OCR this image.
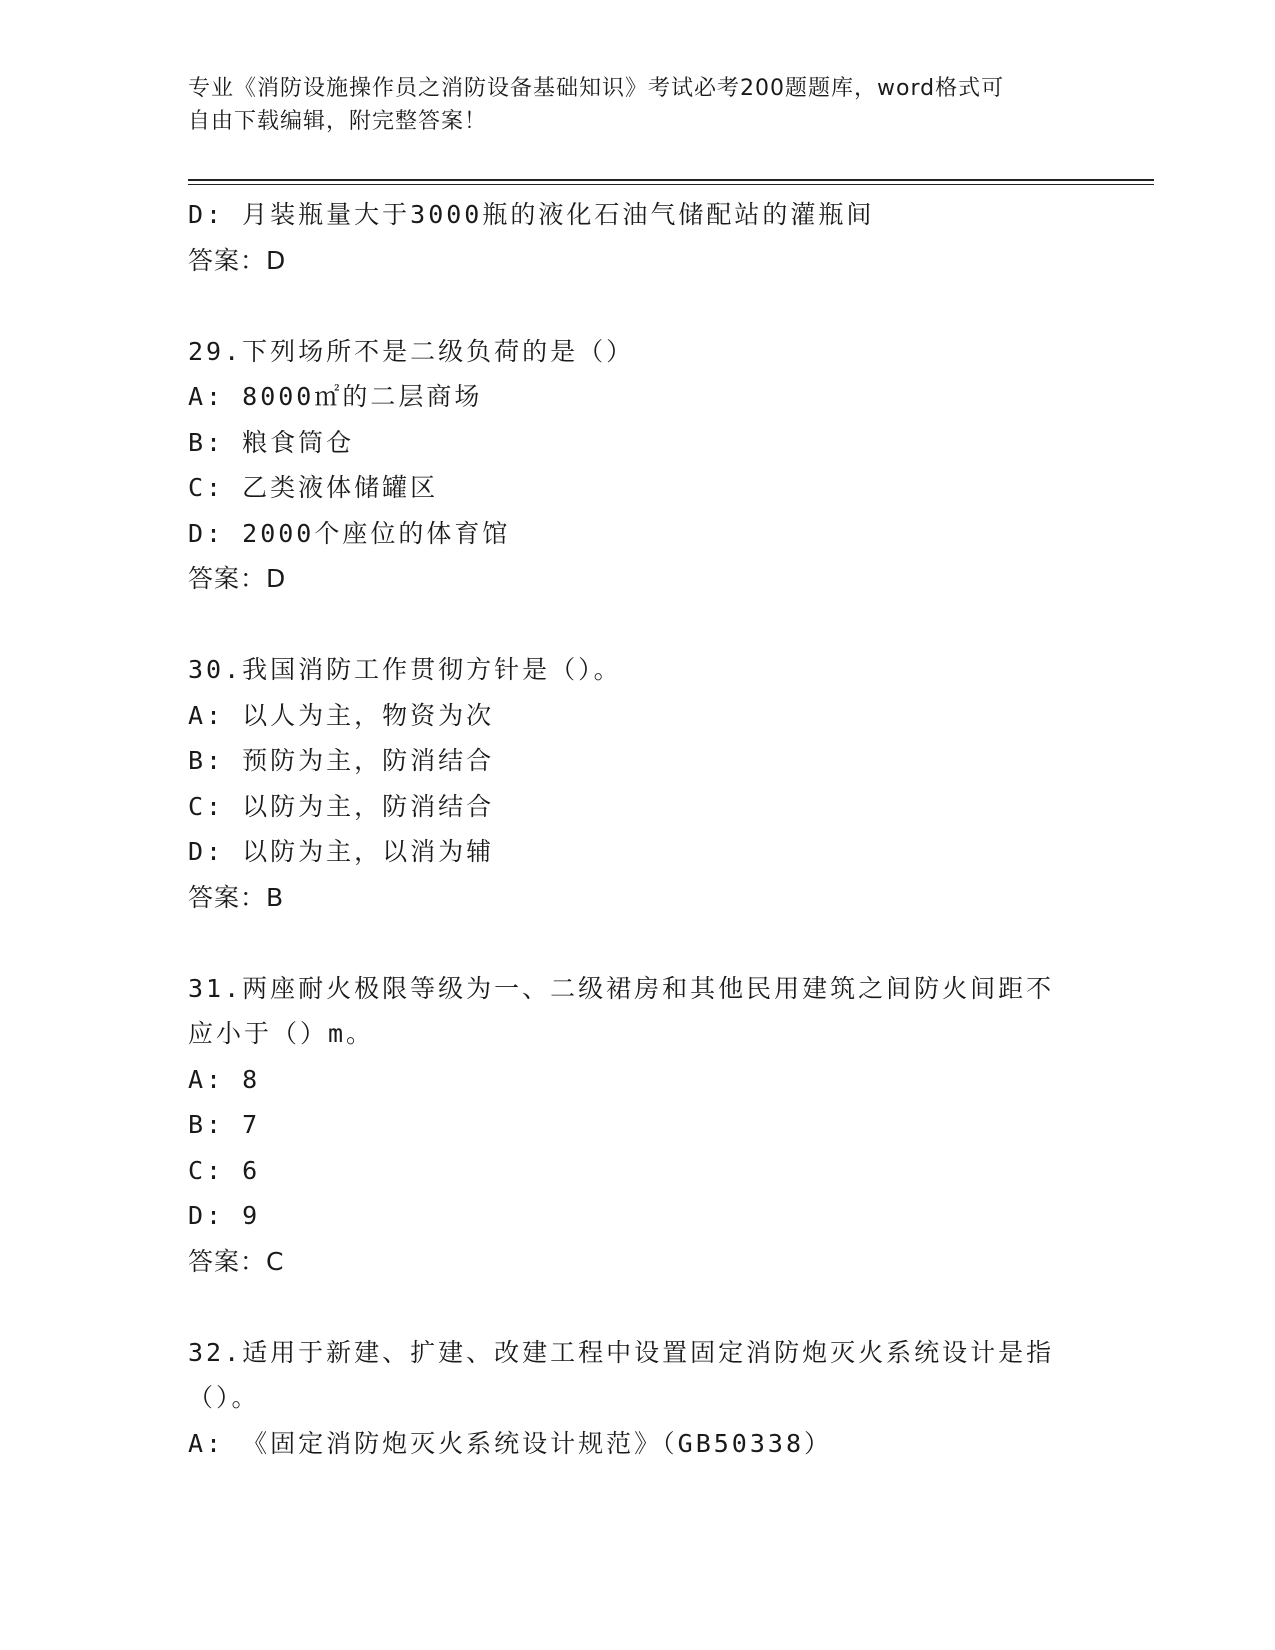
专业《消防设施操作员之消防设备基础知识》考试必考200题题库，word格式可
自由下载编辑，附完整答案！
D: 月装瓶量大于3000瓶的液化石油气储配站的灌瓶间
答案：D
29.下列场所不是二级负荷的是（）
A: 8000㎡的二层商场
B: 粮食筒仓
C: 乙类液体储罐区
D: 2000个座位的体育馆
答案：D
30.我国消防工作贯彻方针是（）。
A: 以人为主，物资为次
B: 预防为主，防消结合
C: 以防为主，防消结合
D: 以防为主，以消为辅
答案：B
31.两座耐火极限等级为一、二级裙房和其他民用建筑之间防火间距不
应小于（）m。
A: 8
B: 7
C: 6
D: 9
答案：C
32.适用于新建、扩建、改建工程中设置固定消防炮灭火系统设计是指
（）。
A: 《固定消防炮灭火系统设计规范》（GB50338）
